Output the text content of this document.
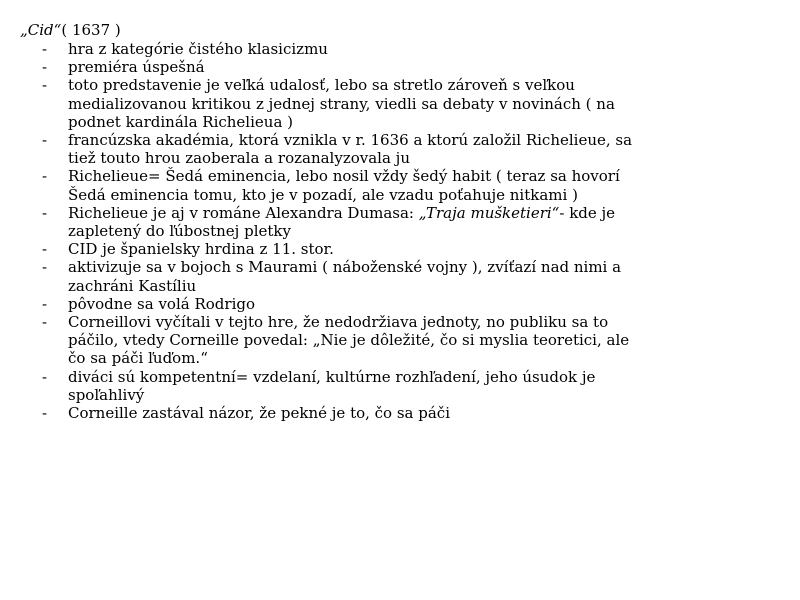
„Cid“( 1637 )
- hra z kategórie čistého klasicizmu
- premiéra úspešná
- toto predstavenie je veľká udalosť, lebo sa stretlo zároveň s veľkou medializovanou kritikou z jednej strany, viedli sa debaty v novinách ( na podnet kardinála Richelieua )
- francúzska akadémia, ktorá vznikla v r. 1636 a ktorú založil Richelieue, sa tiež touto hrou zaoberala a rozanalyzovala ju
- Richelieue= Šedá eminencia, lebo nosil vždy šedý habit ( teraz sa hovorí Šedá eminencia tomu, kto je v pozadí, ale vzadu poťahuje nitkami )
- Richelieue je aj v románe Alexandra Dumasa: „Traja mušketieri“- kde je zapletený do ľúbostnej pletky
- CID je španielsky hrdina z 11. stor.
- aktivizuje sa v bojoch s Maurami ( náboženské vojny ), zvíťazí nad nimi a zachráni Kastíliu
- pôvodne sa volá Rodrigo
- Corneillovi vyčítali v tejto hre, že nedodržiava jednoty, no publiku sa to páčilo, vtedy Corneille povedal: „Nie je dôležité, čo si myslia teoretici, ale čo sa páči ľuďom.“
- diváci sú kompetentní= vzdelaní, kultúrne rozhľadení, jeho úsudok je spoľahlivý
- Corneille zastával názor, že pekné je to, čo sa páči
